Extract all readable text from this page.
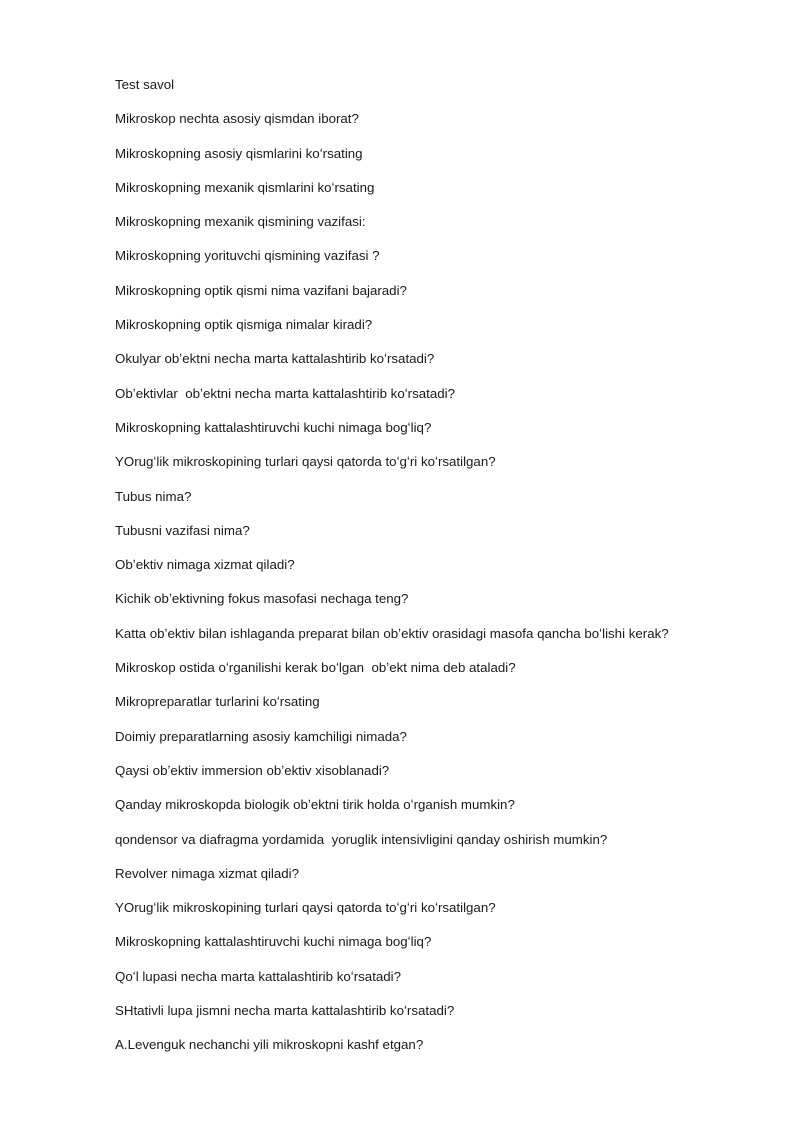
Test savol
Mikroskop nechta asosiy qismdan iborat?
Mikroskopning asosiy qismlarini koʻrsating
Mikroskopning mexanik qismlarini koʻrsating
Mikroskopning mexanik qismining vazifasi:
Mikroskopning yorituvchi qismining vazifasi ?
Mikroskopning optik qismi nima vazifani bajaradi?
Mikroskopning optik qismiga nimalar kiradi?
Okulyar obʼektni necha marta kattalashtirib koʻrsatadi?
Obʼektivlar  obʼektni necha marta kattalashtirib koʻrsatadi?
Mikroskopning kattalashtiruvchi kuchi nimaga bogʻliq?
YOrugʻlik mikroskopining turlari qaysi qatorda toʻgʻri koʻrsatilgan?
Tubus nima?
Tubusni vazifasi nima?
Obʼektiv nimaga xizmat qiladi?
Kichik obʼektivning fokus masofasi nechaga teng?
Katta obʼektiv bilan ishlaganda preparat bilan obʼektiv orasidagi masofa qancha boʻlishi kerak?
Mikroskop ostida oʻrganilishi kerak boʻlgan  obʼekt nima deb ataladi?
Mikropreparatlar turlarini koʻrsating
Doimiy preparatlarning asosiy kamchiligi nimada?
Qaysi obʼektiv immersion obʼektiv xisoblanadi?
Qanday mikroskopda biologik obʼektni tirik holda oʻrganish mumkin?
qondensor va diafragma yordamida  yoruglik intensivligini qanday oshirish mumkin?
Revolver nimaga xizmat qiladi?
YOrugʻlik mikroskopining turlari qaysi qatorda toʻgʻri koʻrsatilgan?
Mikroskopning kattalashtiruvchi kuchi nimaga bogʻliq?
Qoʻl lupasi necha marta kattalashtirib koʻrsatadi?
SHtativli lupa jismni necha marta kattalashtirib koʻrsatadi?
A.Levenguk nechanchi yili mikroskopni kashf etgan?
